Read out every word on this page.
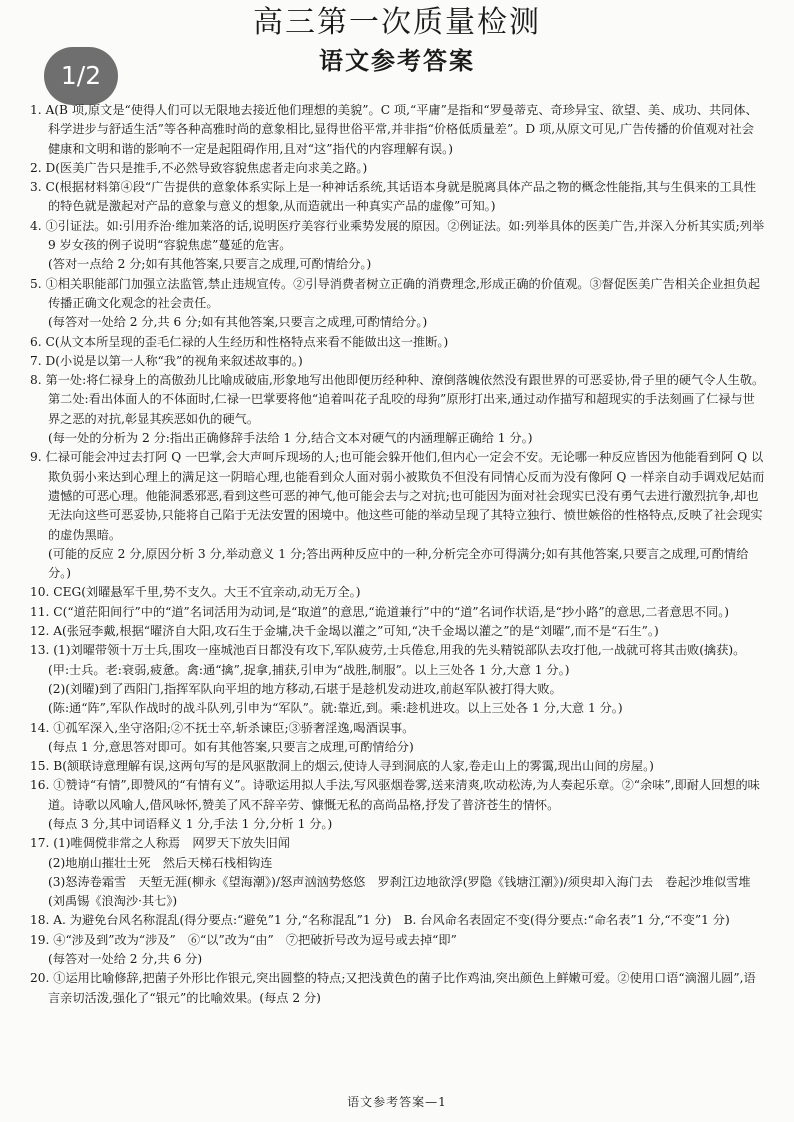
高三第一次质量检测
语文参考答案
1/2

1. A(B 项,原文是“使得人们可以无限地去接近他们理想的美貌”。C 项,“平庸”是指和“罗曼蒂克、奇珍异宝、欲望、美、成功、共同体、科学进步与舒适生活”等各种高雅时尚的意象相比,显得世俗平常,并非指“价格低质量差”。D 项,从原文可见,广告传播的价值观对社会健康和文明和谐的影响不一定是起阻碍作用,且对“这”指代的内容理解有误。)

2. D(医美广告只是推手,不必然导致容貌焦虑者走向求美之路。)

3. C(根据材料第④段“广告提供的意象体系实际上是一种神话系统,其话语本身就是脱离具体产品之物的概念性能指,其与生俱来的工具性的特色就是激起对产品的意象与意义的想象,从而造就出一种真实产品的虚像”可知。)

4. ①引证法。如:引用乔治·维加莱洛的话,说明医疗美容行业乘势发展的原因。②例证法。如:列举具体的医美广告,并深入分析其实质;列举 9 岁女孩的例子说明“容貌焦虑”蔓延的危害。

(答对一点给 2 分;如有其他答案,只要言之成理,可酌情给分。)

5. ①相关职能部门加强立法监管,禁止违规宣传。②引导消费者树立正确的消费理念,形成正确的价值观。③督促医美广告相关企业担负起传播正确文化观念的社会责任。

(每答对一处给 2 分,共 6 分;如有其他答案,只要言之成理,可酌情给分。)

6. C(从文本所呈现的歪毛仁禄的人生经历和性格特点来看不能做出这一推断。)

7. D(小说是以第一人称“我”的视角来叙述故事的。)

8. 第一处:将仁禄身上的高傲劲儿比喻成破庙,形象地写出他即便历经种种、潦倒落魄依然没有跟世界的可恶妥协,骨子里的硬气令人生敬。

第二处:看出体面人的不体面时,仁禄一巴掌要将他“追着叫花子乱咬的母狗”原形打出来,通过动作描写和超现实的手法刻画了仁禄与世界之恶的对抗,彰显其疾恶如仇的硬气。

(每一处的分析为 2 分:指出正确修辞手法给 1 分,结合文本对硬气的内涵理解正确给 1 分。)

9. 仁禄可能会冲过去打阿 Q 一巴掌,会大声呵斥现场的人;也可能会躲开他们,但内心一定会不安。无论哪一种反应皆因为他能看到阿 Q 以欺负弱小来达到心理上的满足这一阴暗心理,也能看到众人面对弱小被欺负不但没有同情心反而为没有像阿 Q 一样亲自动手调戏尼姑而遗憾的可恶心理。他能洞悉邪恶,看到这些可恶的神气,他可能会去与之对抗;也可能因为面对社会现实已没有勇气去进行激烈抗争,却也无法向这些可恶妥协,只能将自己陷于无法安置的困境中。他这些可能的举动呈现了其特立独行、愤世嫉俗的性格特点,反映了社会现实的虚伪黑暗。

(可能的反应 2 分,原因分析 3 分,举动意义 1 分;答出两种反应中的一种,分析完全亦可得满分;如有其他答案,只要言之成理,可酌情给分。)

10. CEG(刘曜悬军千里,势不支久。大王不宜亲动,动无万全。)

11. C(“道茫阳间行”中的“道”名词活用为动词,是“取道”的意思,“诡道兼行”中的“道”名词作状语,是“抄小路”的意思,二者意思不同。)

12. A(张冠李戴,根据“曜济自大阳,攻石生于金墉,决千金堨以灌之”可知,“决千金堨以灌之”的是“刘曜”,而不是“石生”。)

13. (1)刘曜带领十万士兵,围攻一座城池百日都没有攻下,军队疲劳,士兵倦怠,用我的先头精锐部队去攻打他,一战就可将其击败(擒获)。

(甲:士兵。老:衰弱,疲惫。禽:通“擒”,捉拿,捕获,引申为“战胜,制服”。以上三处各 1 分,大意 1 分。)

(2)(刘曜)到了西阳门,指挥军队向平坦的地方移动,石堪于是趁机发动进攻,前赵军队被打得大败。

(陈:通“阵”,军队作战时的战斗队列,引申为“军队”。就:靠近,到。乘:趁机进攻。以上三处各 1 分,大意 1 分。)

14. ①孤军深入,坐守洛阳;②不抚士卒,斩杀谏臣;③骄奢淫逸,喝酒误事。

(每点 1 分,意思答对即可。如有其他答案,只要言之成理,可酌情给分)

15. B(颔联诗意理解有误,这两句写的是风驱散洞上的烟云,使诗人寻到洞底的人家,卷走山上的雾霭,现出山间的房屋。)

16. ①赞诗“有情”,即赞风的“有情有义”。诗歌运用拟人手法,写风驱烟卷雾,送来清爽,吹动松涛,为人奏起乐章。②“余味”,即耐人回想的味道。诗歌以风喻人,借风咏怀,赞美了风不辞辛劳、慷慨无私的高尚品格,抒发了普济苍生的情怀。

(每点 3 分,其中词语释义 1 分,手法 1 分,分析 1 分。)

17. (1)唯倜傥非常之人称焉　网罗天下放失旧闻

(2)地崩山摧壮士死　然后天梯石栈相钩连

(3)怒涛卷霜雪　天堑无涯(柳永《望海潮》)/怒声汹汹势悠悠　罗刹江边地欲浮(罗隐《钱塘江潮》)/须臾却入海门去　卷起沙堆似雪堆(刘禹锡《浪淘沙·其七》)

18. A. 为避免台风名称混乱(得分要点:“避免”1 分,“名称混乱”1 分)　B. 台风命名表固定不变(得分要点:“命名表”1 分,“不变”1 分)

19. ④“涉及到”改为“涉及”　⑥“以”改为“由”　⑦把破折号改为逗号或去掉“即”

(每答对一处给 2 分,共 6 分)

20. ①运用比喻修辞,把菌子外形比作银元,突出圆整的特点;又把浅黄色的菌子比作鸡油,突出颜色上鲜嫩可爱。②使用口语“滴溜儿圆”,语言亲切活泼,强化了“银元”的比喻效果。(每点 2 分)

语文参考答案—1
